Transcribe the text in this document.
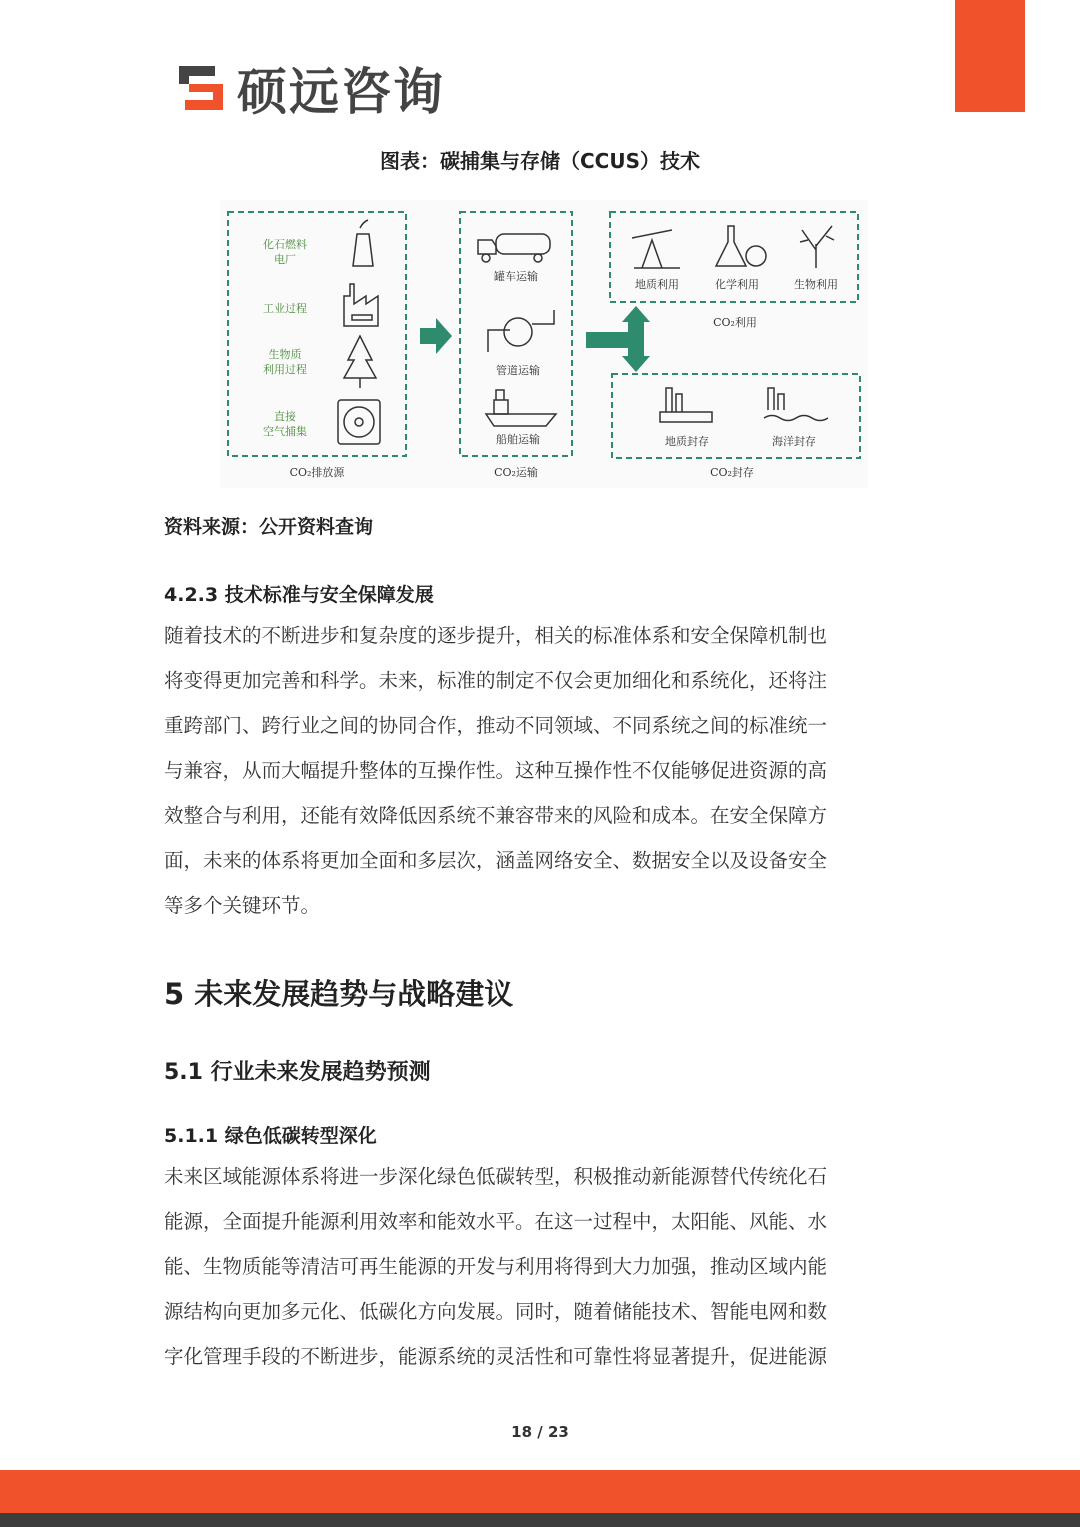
硕远咨询
图表：碳捕集与存储（CCUS）技术
化石燃料
电厂
工业过程
生物质
利用过程
直接
空气捕集
CO₂排放源
罐车运输
管道运输
船舶运输
CO₂运输
地质利用	化学利用	生物利用
CO₂利用
地质封存	海洋封存
CO₂封存
资料来源：公开资料查询
4.2.3 技术标准与安全保障发展
随着技术的不断进步和复杂度的逐步提升，相关的标准体系和安全保障机制也
将变得更加完善和科学。未来，标准的制定不仅会更加细化和系统化，还将注
重跨部门、跨行业之间的协同合作，推动不同领域、不同系统之间的标准统一
与兼容，从而大幅提升整体的互操作性。这种互操作性不仅能够促进资源的高
效整合与利用，还能有效降低因系统不兼容带来的风险和成本。在安全保障方
面，未来的体系将更加全面和多层次，涵盖网络安全、数据安全以及设备安全
等多个关键环节。
5 未来发展趋势与战略建议
5.1 行业未来发展趋势预测
5.1.1 绿色低碳转型深化
未来区域能源体系将进一步深化绿色低碳转型，积极推动新能源替代传统化石
能源，全面提升能源利用效率和能效水平。在这一过程中，太阳能、风能、水
能、生物质能等清洁可再生能源的开发与利用将得到大力加强，推动区域内能
源结构向更加多元化、低碳化方向发展。同时，随着储能技术、智能电网和数
字化管理手段的不断进步，能源系统的灵活性和可靠性将显著提升，促进能源
18 / 23
